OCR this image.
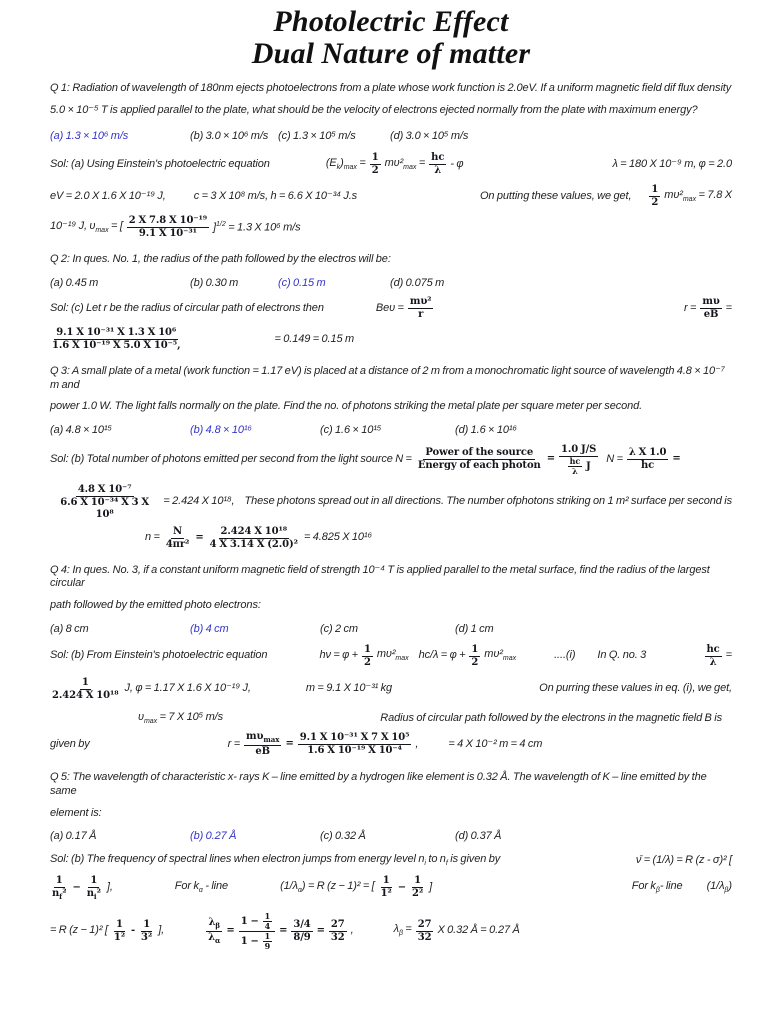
Photolectric Effect
Dual Nature of matter
Q 1: Radiation of wavelength of 180nm ejects photoelectrons from a plate whose work function is 2.0eV. If a uniform magnetic field dif flux density
5.0 × 10⁻⁵ T is applied parallel to the plate, what should be the velocity of electrons ejected normally from the plate with maximum energy?
(a) 1.3 × 10⁶ m/s	(b) 3.0 × 10⁶ m/s (c) 1.3 × 10⁵ m/s	(d) 3.0 × 10⁵ m/s
Sol: (a) Using Einstein's photoelectric equation	$(E_k)_{max} = \frac{1}{2} m\upsilon^2_{max} = \frac{hc}{\lambda} - \varphi$	λ = 180 X 10⁻⁹ m, φ = 2.0
eV = 2.0 X 1.6 X 10⁻¹⁹ J,	c = 3 X 10⁸ m/s, h = 6.6 X 10⁻³⁴ J.s	On putting these values, we get, $\frac{1}{2} m\upsilon^2_{max} = 7.8$ X
10⁻¹⁹ J, $\upsilon_{max}$ = [ $\frac{\text{2 X 7.8 X 10⁻¹⁹}}{\text{9.1 X 10⁻³¹}} ]^{1/2} = 1.3$ X 10⁶ m/s
Q 2: In ques. No. 1, the radius of the path followed by the electros will be:
(a) 0.45 m	(b) 0.30 m	(c) 0.15 m	(d) 0.075 m
Sol: (c) Let r be the radius of circular path of electrons then	$Be\upsilon = \frac{\text{mυ²}}{r}$	$r = \frac{m\upsilon}{eB}$ =
$\frac{\text{9.1 X 10⁻³¹ X 1.3 X 10⁶}}{\text{1.6 X 10⁻¹⁹ X 5.0 X 10⁻⁵,}}$	= 0.149 = 0.15 m
Q 3: A small plate of a metal (work function = 1.17 eV) is placed at a distance of 2 m from a monochromatic light source of wavelength 4.8 × 10⁻⁷ m and
power 1.0 W. The light falls normally on the plate. Find the no. of photons striking the metal plate per square meter per second.
(a) 4.8 × 10¹⁵	(b) 4.8 × 10¹⁶	(c) 1.6 × 10¹⁵	(d) 1.6 × 10¹⁶
Sol: (b) Total number of photons emitted per second from the light source N =
Power of the source
Energy of each photon
=
1.0 J/S
$\frac{hc}{\lambda}$ J
$N = \frac{\text{λ X 1.0}}{hc}$ =
$\frac{\text{4.8 X 10⁻⁷}}{\text{6.6 X 10⁻³⁴ X 3 X 10⁸}} = 2.424$ X 10¹⁸, These photons spread out in all directions. The number of photons striking on 1 m² surface per second is
$n = \frac{N}{\text{4πr²}} = \frac{\text{2.424 X 10¹⁸}}{\text{4 X 3.14 X (2.0)²}} = 4.825$ X 10¹⁶
Q 4: In ques. No. 3, if a constant uniform magnetic field of strength 10⁻⁴ T is applied parallel to the metal surface, find the radius of the largest circular
path followed by the emitted photo electrons:
(a) 8 cm	(b) 4 cm	(c) 2 cm	(d) 1 cm
Sol: (b) From Einstein's photoelectric equation	$h\nu = \varphi + \frac{1}{2} m\upsilon^2_{max}$ $hc/\lambda = \varphi + \frac{1}{2} m\upsilon^2_{max}$	....(i) In Q. no. 3	$\frac{hc}{\lambda}$ =
$\frac{1}{\text{2.424 X 10¹⁸}} J$, φ = 1.17 X 1.6 X 10⁻¹⁹ J,	m = 9.1 X 10⁻³¹ kg	On purring these values in eq. (i), we get,
$\upsilon_{max} = 7$ X 10⁵ m/s	Radius of circular path followed by the electrons in the magnetic field B is
given by	r =
$m\upsilon_{max}$
eB
= $\frac{\text{9.1 X 10⁻³¹ X 7 X 10⁵}}{\text{1.6 X 10⁻¹⁹ X 10⁻⁴}}$ ,	= 4 X 10⁻² m = 4 cm
Q 5: The wavelength of characteristic x- rays K – line emitted by a hydrogen like element is 0.32 Å. The wavelength of K – line emitted by the same
element is:
(a) 0.17 Å	(b) 0.27 Å	(c) 0.32 Å	(d) 0.37 Å
Sol: (b) The frequency of spectral lines when electron jumps from energy level $n_i$ to $n_f$ is given by	ν̄ = (1/λ) = R (z - σ)² [
$\frac{1}{n_f^2} - \frac{1}{n_i^2}$ ],	For $k_\alpha$ - line	$(1/\lambda_\alpha) = R$ (z − 1)² = [ $\frac{1}{\text{1²}} - \frac{1}{\text{2²}}$ ]	For $k_\beta-$ line $(1/\lambda_\beta)$
= R (z − 1)² [ $\frac{1}{\text{1²}} - \frac{1}{\text{3²}}$ ],	$\frac{\lambda_\beta}{\lambda_\alpha} = \frac{1 - \frac{1}{4}}{1 - \frac{1}{9}} = \frac{3/4}{8/9} = \frac{27}{32}$ ,	$\lambda_\beta = \frac{27}{32}$ X 0.32 Å = 0.27 Å
